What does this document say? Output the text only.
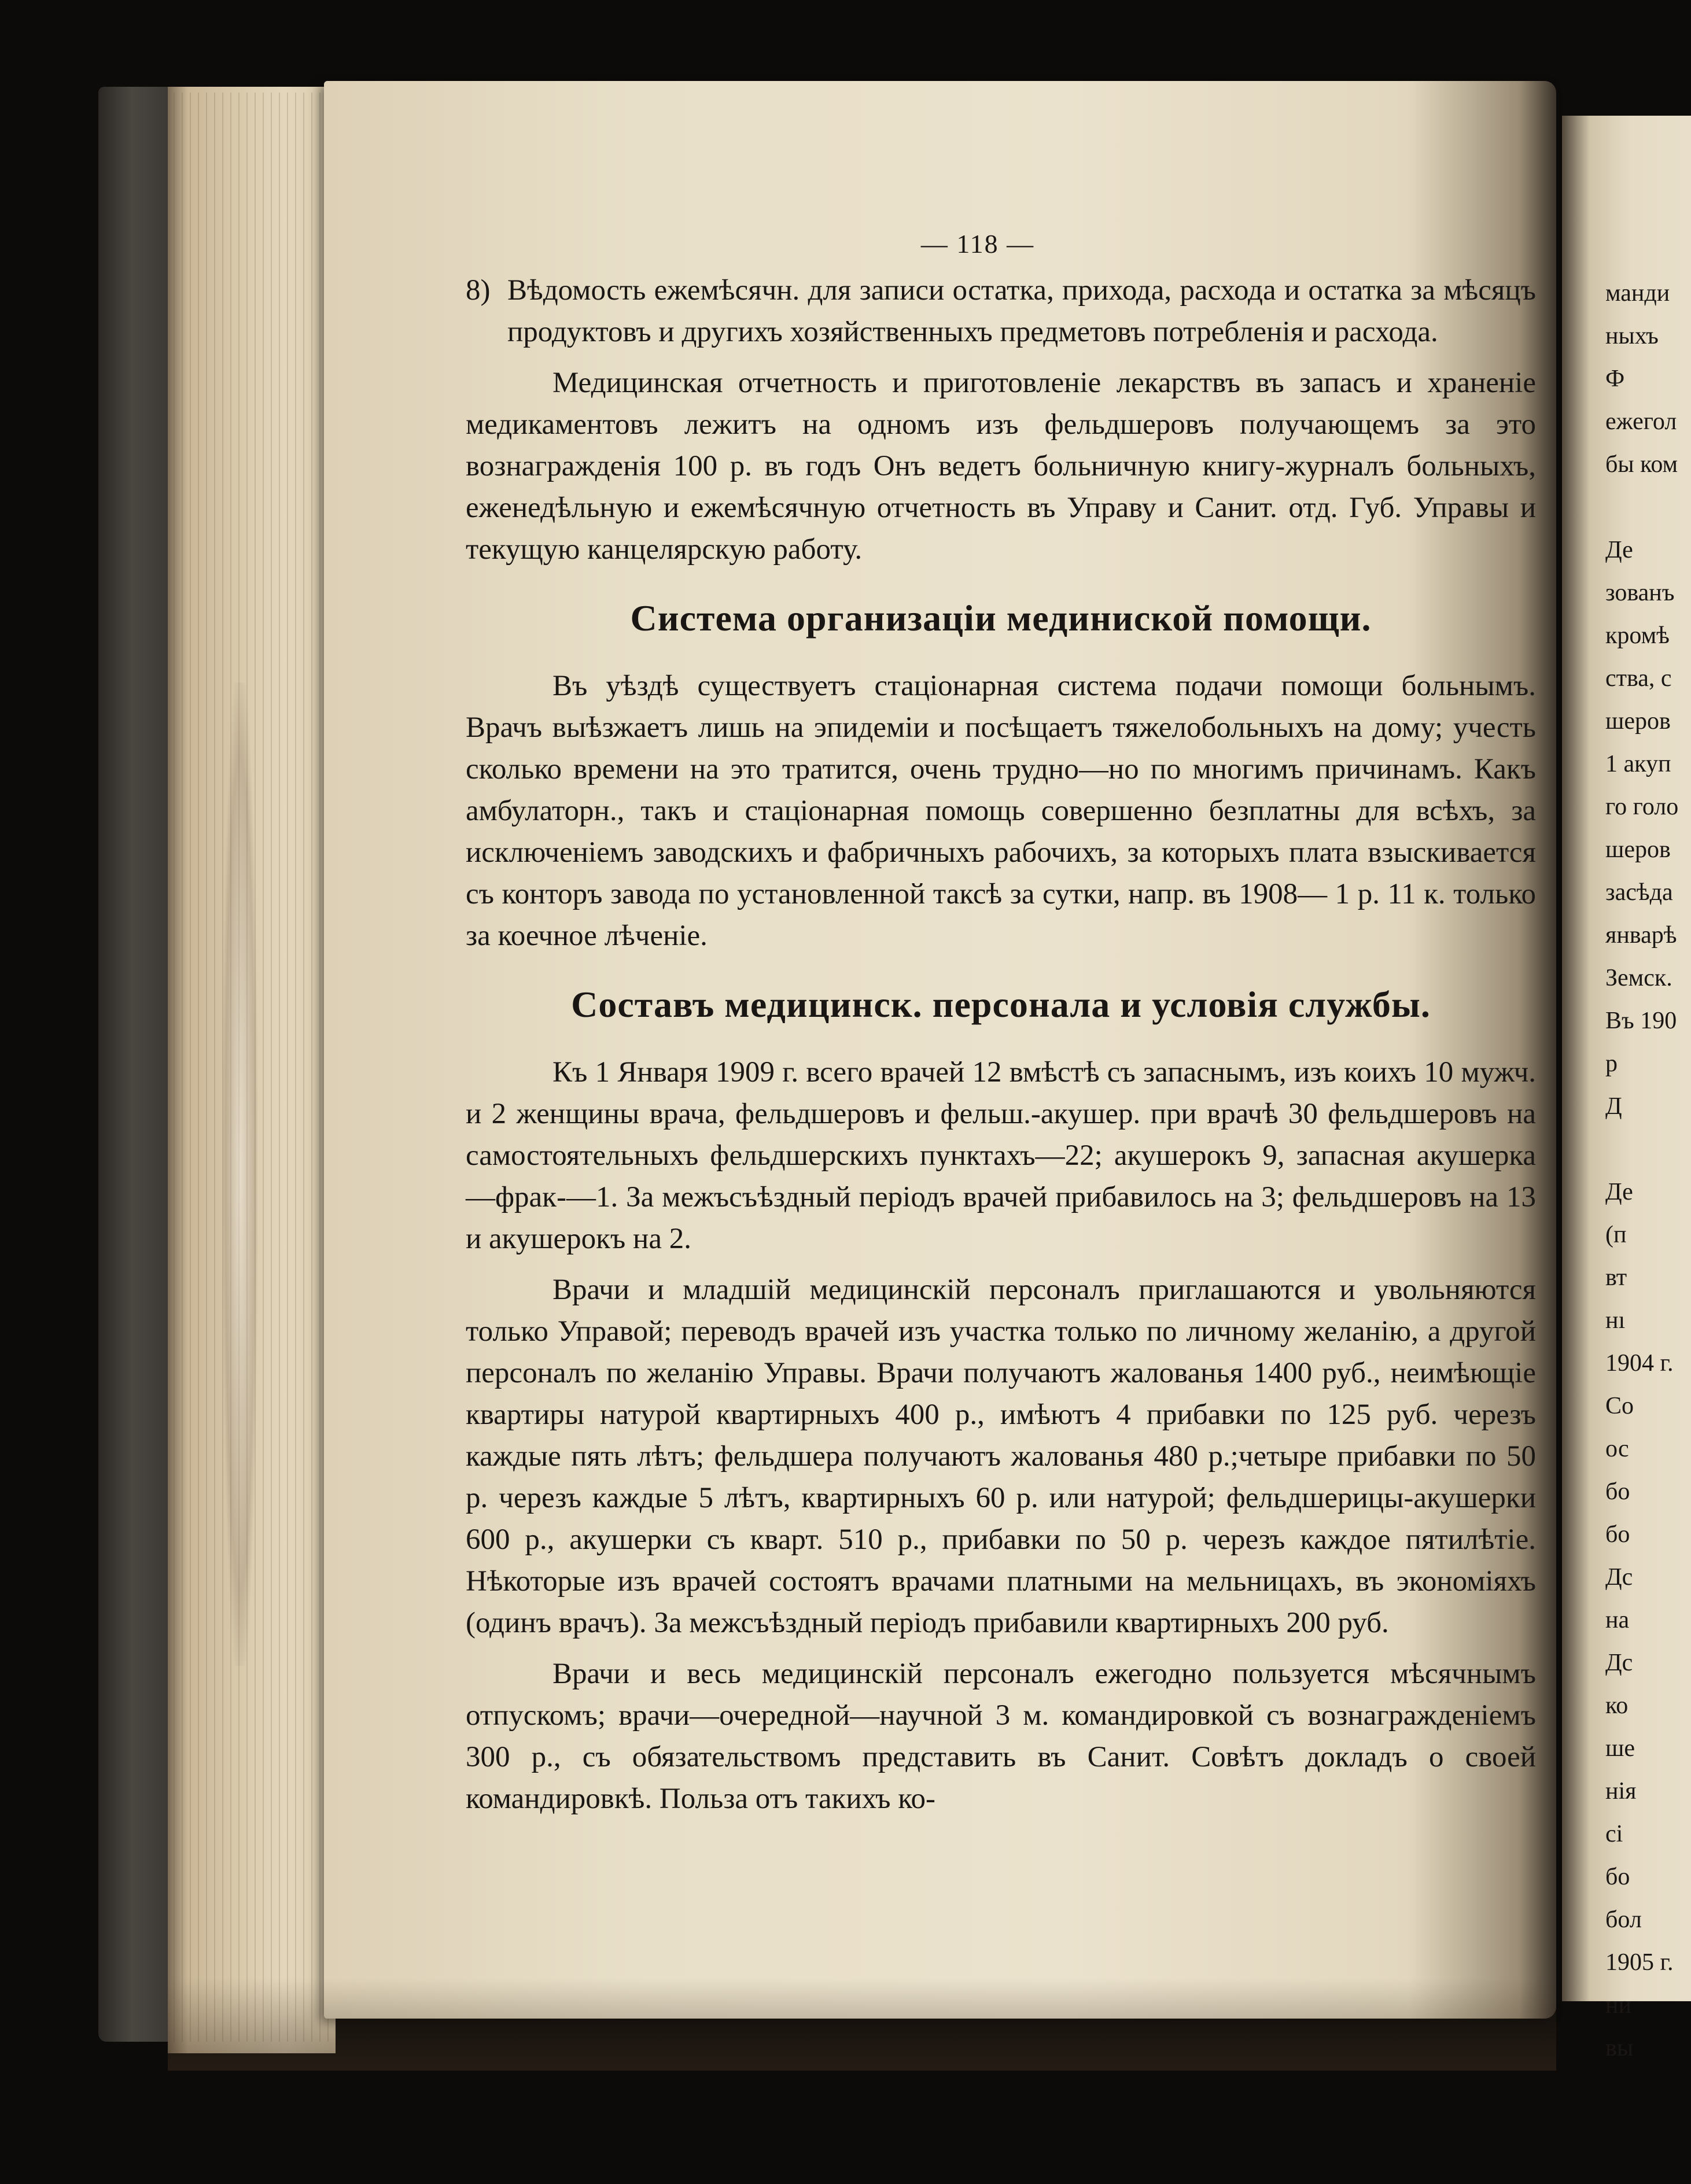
— 118 —

8) Вѣдомость ежемѣсячн. для записи остатка, прихода, расхода и остатка за мѣсяцъ продуктовъ и другихъ хозяйственныхъ предметовъ потребленія и расхода.

Медицинская отчетность и приготовленіе лекарствъ въ запасъ и храненіе медикаментовъ лежитъ на одномъ изъ фельдшеровъ получающемъ за это вознагражденія 100 р. въ годъ Онъ ведетъ больничную книгу-журналъ больныхъ, еженедѣльную и ежемѣсячную отчетность въ Управу и Санит. отд. Губ. Управы и текущую канцелярскую работу.

Система организаціи мединиской помощи.

Въ уѣздѣ существуетъ стаціонарная система подачи помощи больнымъ. Врачъ выѣзжаетъ лишь на эпидеміи и посѣщаетъ тяжелобольныхъ на дому; учесть сколько времени на это тратится, очень трудно—но по многимъ причинамъ. Какъ амбулаторн., такъ и стаціонарная помощь совершенно безплатны для всѣхъ, за исключеніемъ заводскихъ и фабричныхъ рабочихъ, за которыхъ плата взыскивается съ конторъ завода по установленной таксѣ за сутки, напр. въ 1908— 1 р. 11 к. только за коечное лѣченіе.

Составъ медицинск. персонала и условія службы.

Къ 1 Января 1909 г. всего врачей 12 вмѣстѣ съ запаснымъ, изъ коихъ 10 мужч. и 2 женщины врача, фельдшеровъ и фельш.-акушер. при врачѣ 30 фельдшеровъ на самостоятельныхъ фельдшерскихъ пунктахъ—22; акушерокъ 9, запасная акушерка—фрак-—1. За межъсъѣздный періодъ врачей прибавилось на 3; фельдшеровъ на 13 и акушерокъ на 2.

Врачи и младшій медицинскій персоналъ приглашаются и увольняются только Управой; переводъ врачей изъ участка только по личному желанію, а другой персоналъ по желанію Управы. Врачи получаютъ жалованья 1400 руб., неимѣющіе квартиры натурой квартирныхъ 400 р., имѣютъ 4 прибавки по 125 руб. черезъ каждые пять лѣтъ; фельдшера получаютъ жалованья 480 р.;четыре прибавки по 50 р. черезъ каждые 5 лѣтъ, квартирныхъ 60 р. или натурой; фельдшерицы-акушерки 600 р., акушерки съ кварт. 510 р., прибавки по 50 р. черезъ каждое пятилѣтіе. Нѣкоторые изъ врачей состоятъ врачами платными на мельницахъ, въ экономіяхъ (одинъ врачъ). За межсъѣздный періодъ прибавили квартирныхъ 200 руб.

Врачи и весь медицинскій персоналъ ежегодно пользуется мѣсячнымъ отпускомъ; врачи—очередной—научной 3 м. командировкой съ вознагражденіемъ 300 р., съ обязательствомъ представить въ Санит. Совѣтъ докладъ о своей командировкѣ. Польза отъ такихъ ко-

манди
ныхъ
Ф
ежегол
бы ком
Де
зованъ
кромѣ
ства, с
шеров
1 акуп
го голо
шеров
засѣда
январѣ
Земск.
Въ 190
р
Д
Де
(п
вт
нı
1904 г.
Со
ос
бо
бо
Дс
на
Дс
ко
ше
нія
сі
бо
бол
1905 г.
ни
вы
